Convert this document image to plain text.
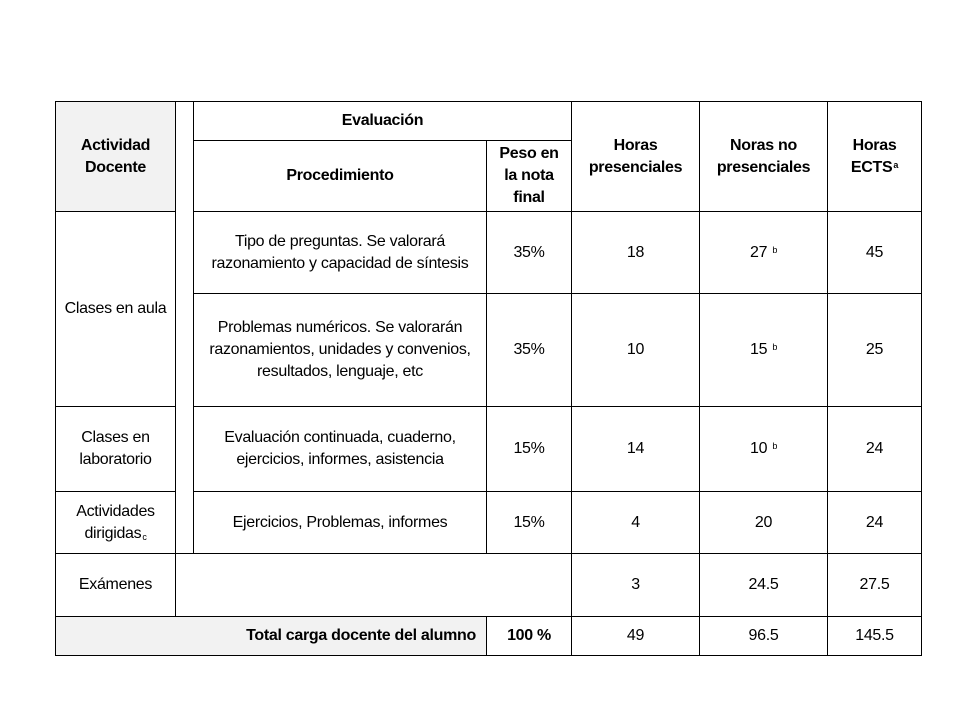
Actividad Docente		Evaluación		Horas presenciales	Noras no presenciales	Horas ECTS$^a$
		Procedimiento	Peso en la nota final			
Clases en aula		Tipo de preguntas. Se valorará razonamiento y capacidad de síntesis	35%	18	27 $^b$	45
		Problemas numéricos. Se valorarán razonamientos, unidades y convenios, resultados, lenguaje, etc	35%	10	15 $^b$	25
Clases en laboratorio		Evaluación continuada, cuaderno, ejercicios, informes, asistencia	15%	14	10 $^b$	24
Actividades dirigidas$_c$		Ejercicios, Problemas, informes	15%	4	20	24
Exámenes				3	24.5	27.5
Total carga docente del alumno			100 %	49	96.5	145.5
